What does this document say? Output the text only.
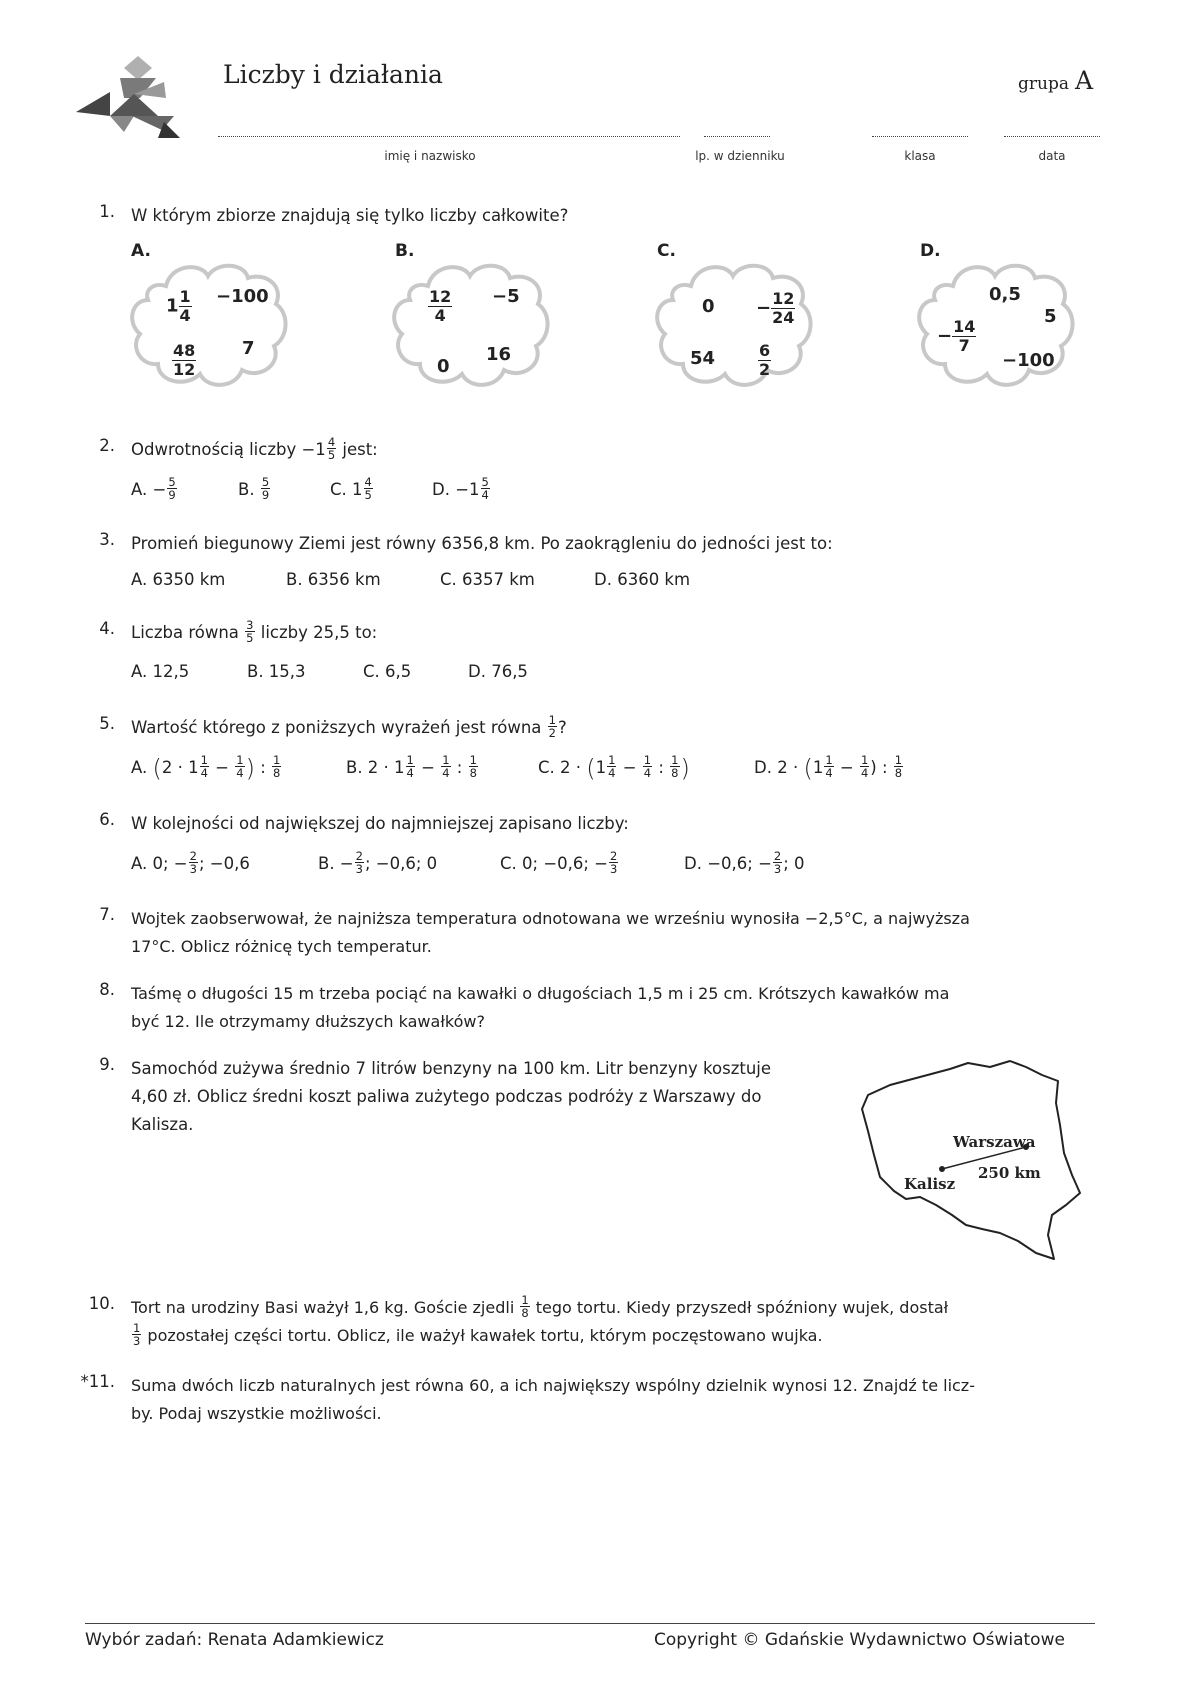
Liczby i działania	grupa A
imię i nazwisko	lp. w dzienniku	klasa	data
1. W którym zbiorze znajdują się tylko liczby całkowite?
A.
$1 \frac{1}{4} -100$
$\frac{48}{12}$	7
B.
$\frac{12}{4} -5$
0
16
C.
$0 - \frac{12}{24}$
54	$\frac{6}{2}$
D.
0,5
− $\frac{14}{7}$
5
−100
2. Odwrotnością liczby $-1 \frac{4}{5}$ jest:
A. − $\frac{5}{9}$	B. $\frac{5}{9}$	C. $1 \frac{4}{5}$	D. $-1 \frac{5}{4}$
3. Promień biegunowy Ziemi jest równy 6356,8 km. Po zaokrągleniu do jedności jest to:
A. 6350 km	B. 6356 km	C. 6357 km	D. 6360 km
4. Liczba równa $\frac{3}{5}$ liczby 25,5 to:
A. 12,5	B. 15,3	C. 6,5	D. 76,5
5. Wartość którego z poniższych wyrażeń jest równa $\frac{1}{2}$ ?
A. ($2 \cdot 1 \frac{1}{4} - \frac{1}{4}$ ) : $\frac{1}{8}$	B. $2 \cdot 1 \frac{1}{4} - \frac{1}{4}$ : $\frac{1}{8}$	C. $2 \cdot (1 \frac{1}{4} - \frac{1}{4}$ : $\frac{1}{8}$ )	D. $2 \cdot (1 \frac{1}{4} - \frac{1}{4}$ ) : $\frac{1}{8}$
6. W kolejności od największej do najmniejszej zapisano liczby:
A. 0; − $\frac{2}{3}$ ; −0,6	B. − $\frac{2}{3}$ ; −0,6; 0	C. 0; −0,6; − $\frac{2}{3}$	D. −0,6; − $\frac{2}{3}$ ; 0
7. Wojtek zaobserwował, że najniższa temperatura odnotowana we wrześniu wynosiła −2,5°C, a najwyższa
17°C. Oblicz różnicę tych temperatur.
8. Taśmę o długości 15 m trzeba pociąć na kawałki o długościach 1,5 m i 25 cm. Krótszych kawałków ma
być 12. Ile otrzymamy dłuższych kawałków?
9. Samochód zużywa średnio 7 litrów benzyny na 100 km. Litr benzyny kosztuje
4,60 zł. Oblicz średni koszt paliwa zużytego podczas podróży z Warszawy do
Kalisza.
Warszawa
Kalisz
250 km
10. Tort na urodziny Basi ważył 1,6 kg. Goście zjedli $\frac{1}{8}$ tego tortu. Kiedy przyszedł spóźniony wujek, dostał
$\frac{1}{3}$ pozostałej części tortu. Oblicz, ile ważył kawałek tortu, którym poczęstowano wujka.
*11. Suma dwóch liczb naturalnych jest równa 60, a ich największy wspólny dzielnik wynosi 12. Znajdź te licz-
by. Podaj wszystkie możliwości.
Wybór zadań: Renata Adamkiewicz	Copyright © Gdańskie Wydawnictwo Oświatowe
